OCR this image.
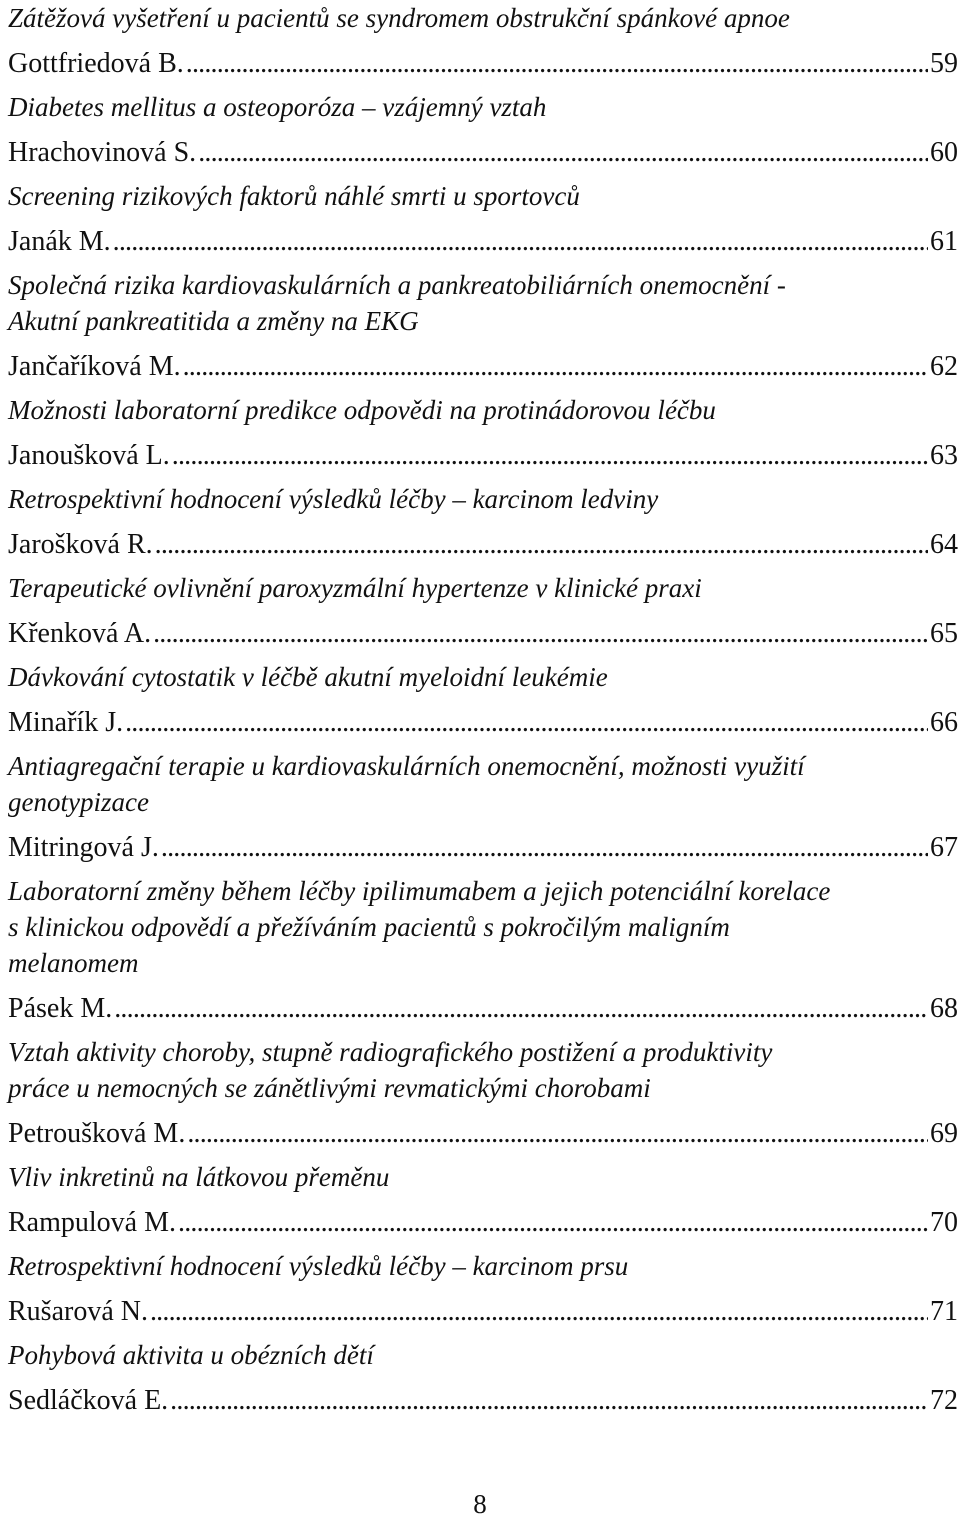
Zátěžová vyšetření u pacientů se syndromem obstrukční spánkové apnoe
Gottfriedová B. . . .	59
Diabetes mellitus a osteoporóza – vzájemný vztah
Hrachovinová S. . . .	60
Screening rizikových faktorů náhlé smrti u sportovců
Janák M. . . .	61
Společná rizika kardiovaskulárních a pankreatobiliárních onemocnění -
Akutní pankreatitida a změny na EKG
Jančaříková M. . . .	62
Možnosti laboratorní predikce odpovědi na protinádorovou léčbu
Janoušková L. . . .	63
Retrospektivní hodnocení výsledků léčby – karcinom ledviny
Jarošková R. . . .	64
Terapeutické ovlivnění paroxyzmální hypertenze v klinické praxi
Křenková A. . . .	65
Dávkování cytostatik v léčbě akutní myeloidní leukémie
Minařík J. . . .	66
Antiagregační terapie u kardiovaskulárních onemocnění, možnosti využití
genotypizace
Mitringová J. . . .	67
Laboratorní změny během léčby ipilimumabem a jejich potenciální korelace
s klinickou odpovědí a přežíváním pacientů s pokročilým maligním
melanomem
Pásek M. . . .	68
Vztah aktivity choroby, stupně radiografického postižení a produktivity
práce u nemocných se zánětlivými revmatickými chorobami
Petroušková M. . . .	69
Vliv inkretinů na látkovou přeměnu
Rampulová M. . . .	70
Retrospektivní hodnocení výsledků léčby – karcinom prsu
Rušarová N. . . .	71
Pohybová aktivita u obézních dětí
Sedláčková E. . . .	72
8
